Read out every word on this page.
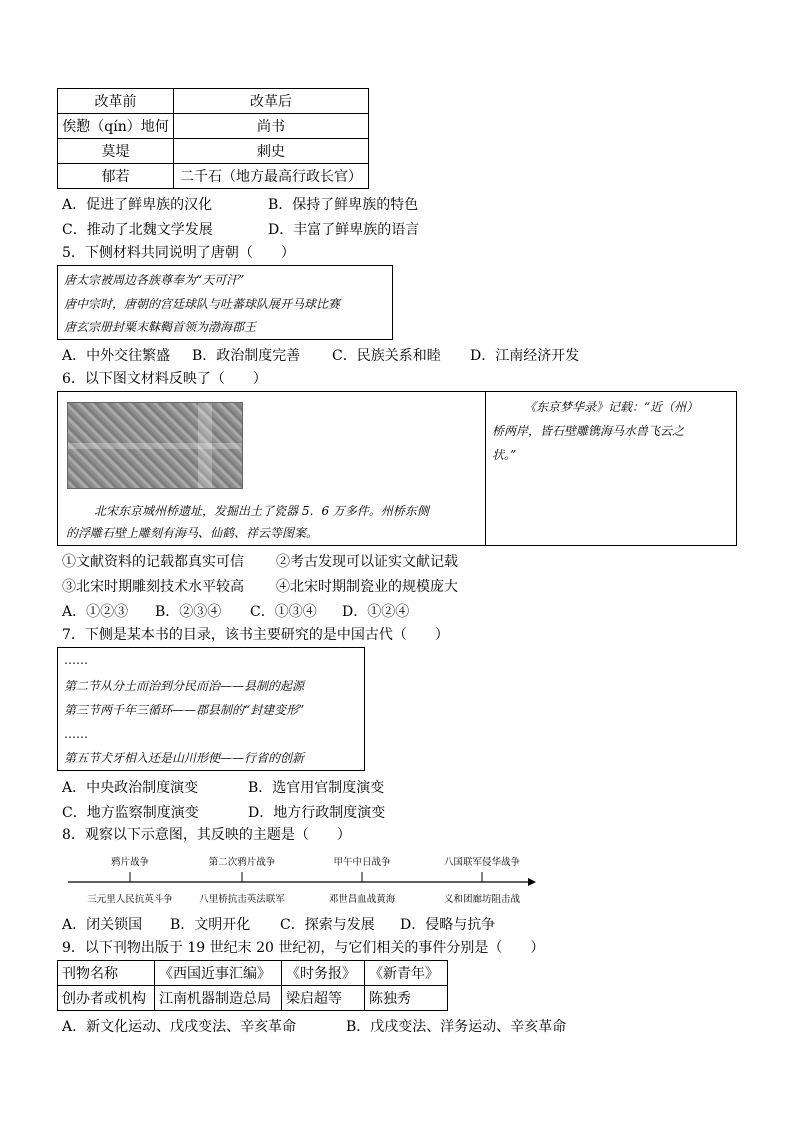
改革前	改革后
俟懃（qín）地何	尚书
莫堤	刺史
郁若	二千石（地方最高行政长官）
A．促进了鲜卑族的汉化	B．保持了鲜卑族的特色
C．推动了北魏文学发展	D．丰富了鲜卑族的语言
5．下侧材料共同说明了唐朝（　　）
唐太宗被周边各族尊奉为“天可汗”
唐中宗时，唐朝的宫廷球队与吐蕃球队展开马球比赛
唐玄宗册封粟末靺鞨首领为渤海郡王
A．中外交往繁盛 B．政治制度完善 C．民族关系和睦 D．江南经济开发
6．以下图文材料反映了（　　）
北宋东京城州桥遗址，发掘出土了瓷器 5．6 万多件。州桥东侧
的浮雕石壁上雕刻有海马、仙鹤、祥云等图案。
《东京梦华录》记载：“近（州）
桥两岸，皆石壁雕镌海马水兽飞云之
状。”
①文献资料的记载都真实可信 ②考古发现可以证实文献记载
③北宋时期雕刻技术水平较高 ④北宋时期制瓷业的规模庞大
A．①②③ B．②③④ C．①③④ D．①②④
7．下侧是某本书的目录，该书主要研究的是中国古代（　　）
……
第二节从分土而治到分民而治——县制的起源
第三节两千年三循环——郡县制的“封建变形”
……
第五节犬牙相入还是山川形便——行省的创新
A．中央政治制度演变	B．选官用官制度演变
C．地方监察制度演变	D．地方行政制度演变
8．观察以下示意图，其反映的主题是（　　）
鸦片战争	第二次鸦片战争	甲午中日战争	八国联军侵华战争
三元里人民抗英斗争	八里桥抗击英法联军	邓世昌血战黄海	义和团廊坊阻击战
A．闭关锁国 B．文明开化 C．探索与发展 D．侵略与抗争
9．以下刊物出版于 19 世纪末 20 世纪初，与它们相关的事件分别是（　　）
刊物名称	《西国近事汇编》	《时务报》	《新青年》
创办者或机构	江南机器制造总局	梁启超等	陈独秀
A．新文化运动、戊戌变法、辛亥革命	B．戊戌变法、洋务运动、辛亥革命
